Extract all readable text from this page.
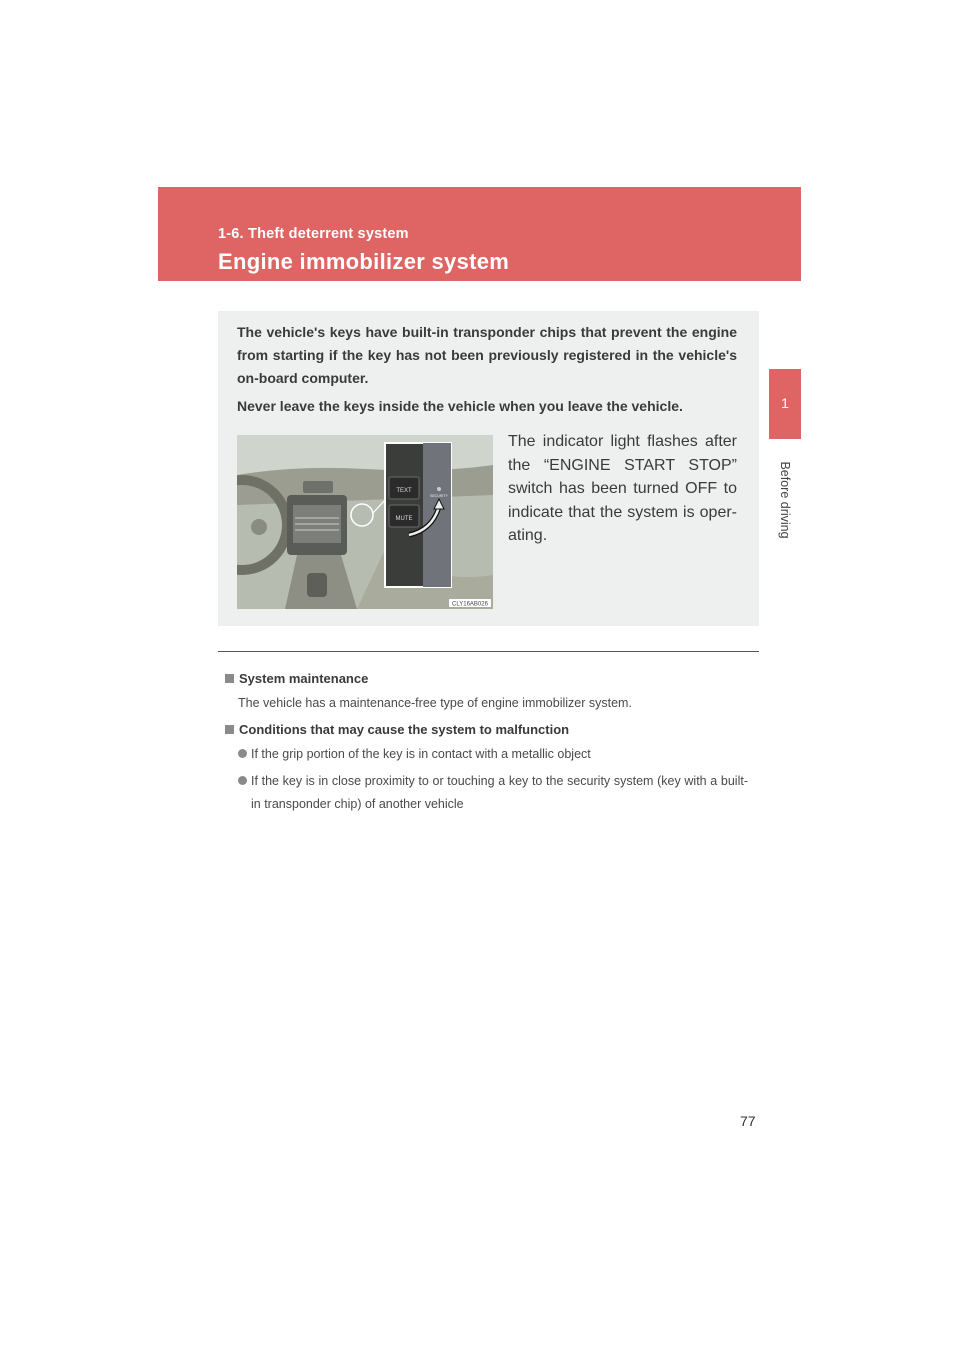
1-6. Theft deterrent system
Engine immobilizer system
1
Before driving
The vehicle's keys have built-in transponder chips that prevent the engine from starting if the key has not been previously registered in the vehicle's on-board computer.
Never leave the keys inside the vehicle when you leave the vehicle.
TEXT
MUTE
SECURITY
CLY16AB026
The indicator light flashes after the “ENGINE START STOP” switch has been turned OFF to indicate that the system is oper-ating.
System maintenance
The vehicle has a maintenance-free type of engine immobilizer system.
Conditions that may cause the system to malfunction
If the grip portion of the key is in contact with a metallic object
If the key is in close proximity to or touching a key to the security system (key with a built-in transponder chip) of another vehicle
77
